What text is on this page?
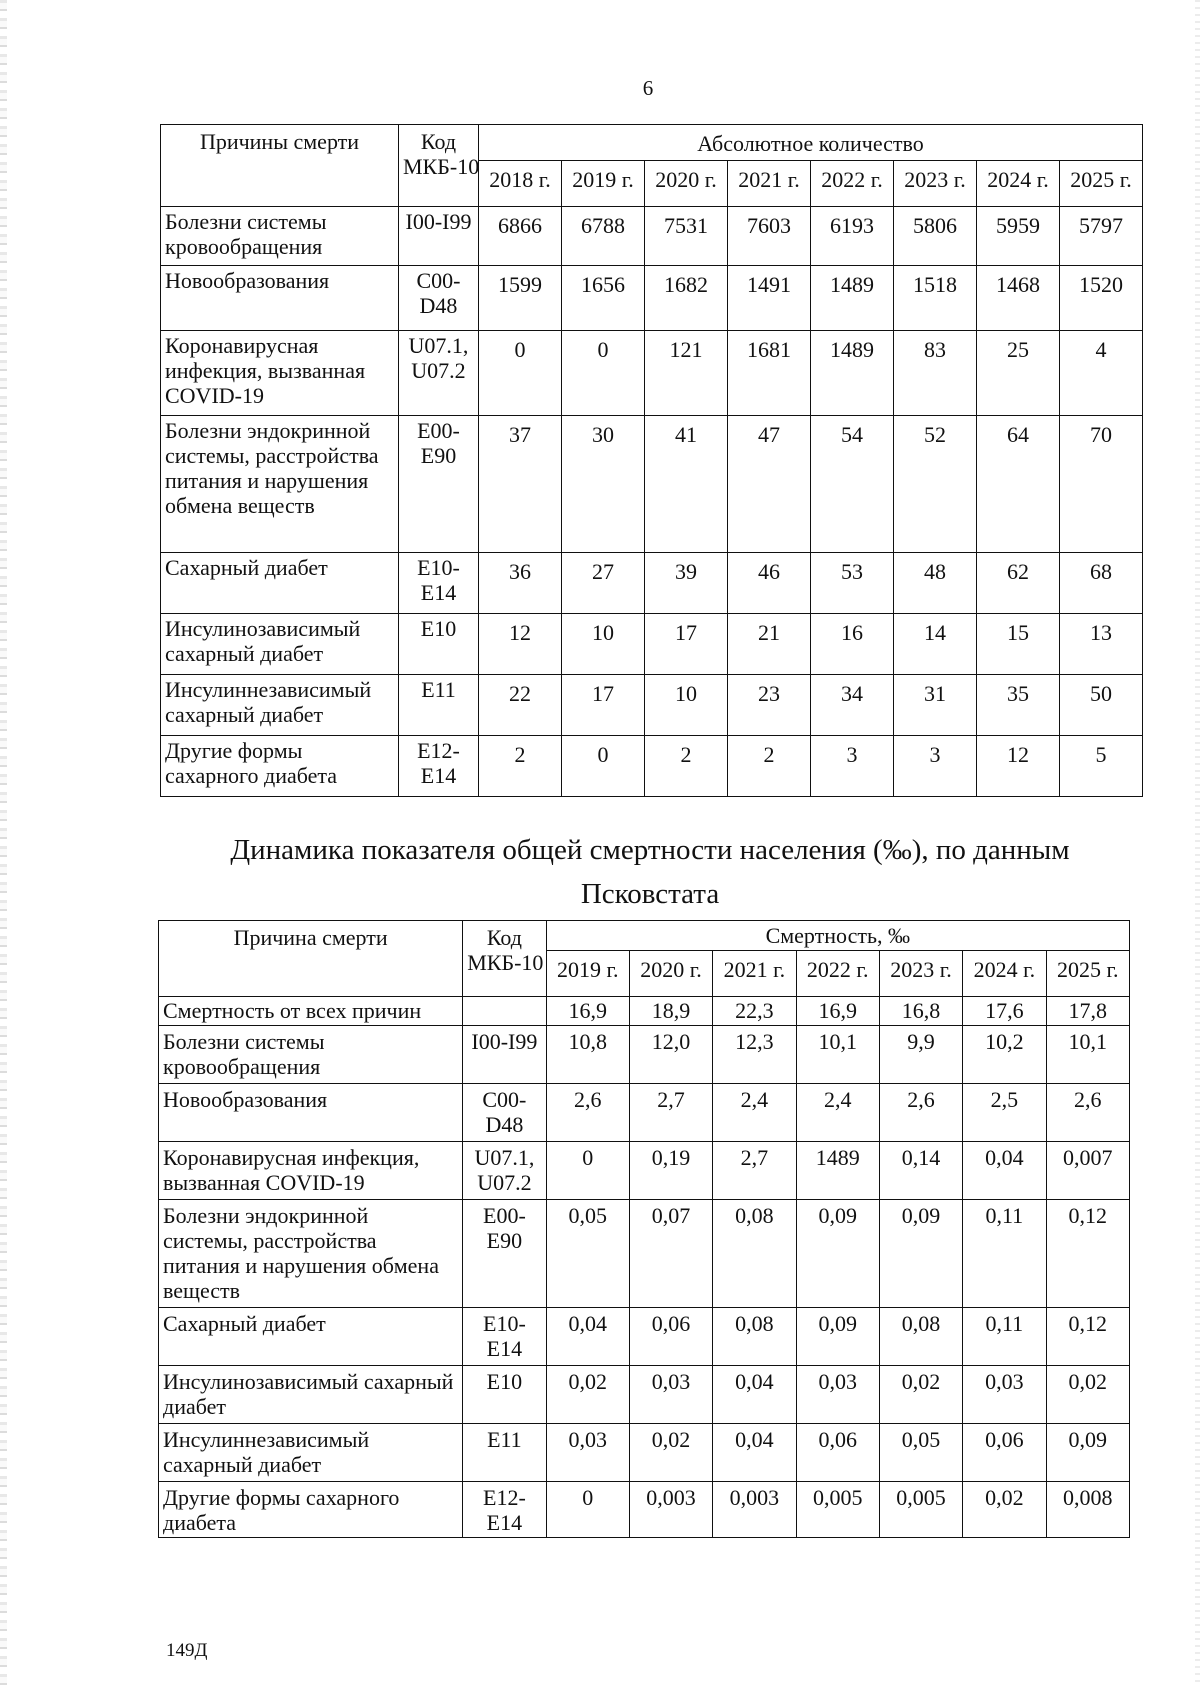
6
Причины смерти	Код МКБ-10	Абсолютное количество							
		2018 г.	2019 г.	2020 г.	2021 г.	2022 г.	2023 г.	2024 г.	2025 г.
Болезни системы кровообращения	I00-I99	6866	6788	7531	7603	6193	5806	5959	5797
Новообразования	C00-D48	1599	1656	1682	1491	1489	1518	1468	1520
Коронавирусная инфекция, вызванная COVID-19	U07.1, U07.2	0	0	121	1681	1489	83	25	4
Болезни эндокринной системы, расстройства питания и нарушения обмена веществ	E00-E90	37	30	41	47	54	52	64	70
Сахарный диабет	E10-E14	36	27	39	46	53	48	62	68
Инсулинозависимый сахарный диабет	E10	12	10	17	21	16	14	15	13
Инсулиннезависимый сахарный диабет	E11	22	17	10	23	34	31	35	50
Другие формы сахарного диабета	E12-E14	2	0	2	2	3	3	12	5
Динамика показателя общей смертности населения (‰), по данным
Псковстата
Причина смерти	Код МКБ-10	Смертность, ‰						
		2019 г.	2020 г.	2021 г.	2022 г.	2023 г.	2024 г.	2025 г.
Смертность от всех причин		16,9	18,9	22,3	16,9	16,8	17,6	17,8
Болезни системы кровообращения	I00-I99	10,8	12,0	12,3	10,1	9,9	10,2	10,1
Новообразования	C00-D48	2,6	2,7	2,4	2,4	2,6	2,5	2,6
Коронавирусная инфекция, вызванная COVID-19	U07.1, U07.2	0	0,19	2,7	1489	0,14	0,04	0,007
Болезни эндокринной системы, расстройства питания и нарушения обмена веществ	E00-E90	0,05	0,07	0,08	0,09	0,09	0,11	0,12
Сахарный диабет	E10-E14	0,04	0,06	0,08	0,09	0,08	0,11	0,12
Инсулинозависимый сахарный диабет	E10	0,02	0,03	0,04	0,03	0,02	0,03	0,02
Инсулиннезависимый сахарный диабет	E11	0,03	0,02	0,04	0,06	0,05	0,06	0,09
Другие формы сахарного диабета	E12-E14	0	0,003	0,003	0,005	0,005	0,02	0,008
149Д
